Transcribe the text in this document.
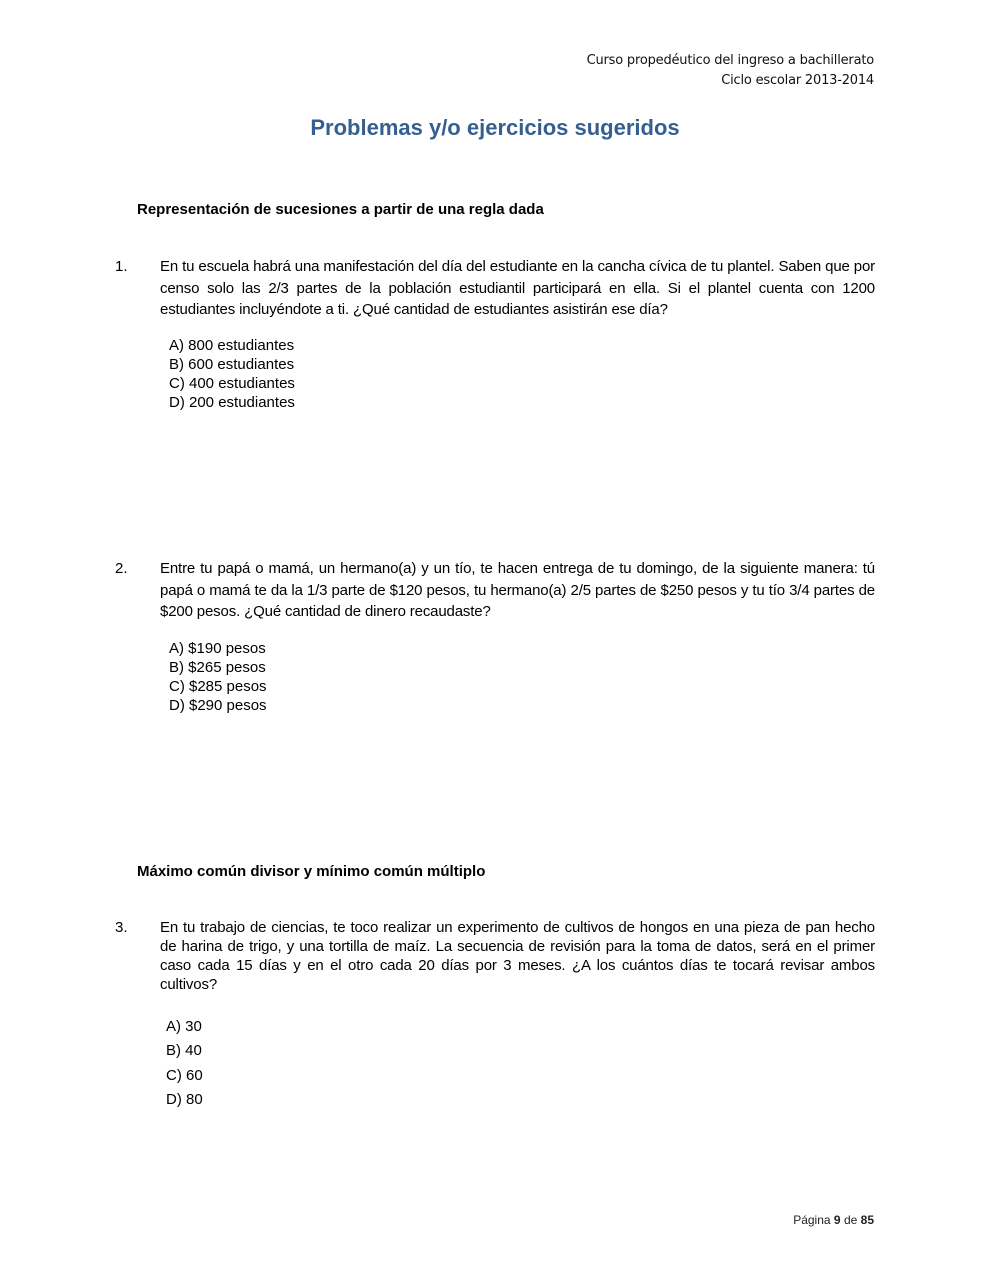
Curso propedéutico del ingreso a bachillerato
Ciclo escolar 2013-2014
Problemas y/o ejercicios sugeridos
Representación de sucesiones a partir de una regla dada
1. En tu escuela habrá una manifestación del día del estudiante en la cancha cívica de tu plantel. Saben que por censo solo las 2/3 partes de la población estudiantil participará en ella. Si el plantel cuenta con 1200 estudiantes incluyéndote a ti. ¿Qué cantidad de estudiantes asistirán ese día?
A) 800 estudiantes
B) 600 estudiantes
C) 400 estudiantes
D) 200 estudiantes
2. Entre tu papá o mamá, un hermano(a) y un tío, te hacen entrega de tu domingo, de la siguiente manera: tú papá o mamá te da la 1/3 parte de $120 pesos, tu hermano(a) 2/5 partes de $250 pesos y tu tío 3/4 partes de $200 pesos. ¿Qué cantidad de dinero recaudaste?
A) $190 pesos
B) $265 pesos
C) $285 pesos
D) $290 pesos
Máximo común divisor y mínimo común múltiplo
3. En tu trabajo de ciencias, te toco realizar un experimento de cultivos de hongos en una pieza de pan hecho de harina de trigo, y una tortilla de maíz. La secuencia de revisión para la toma de datos, será en el primer caso cada 15 días y en el otro cada 20 días por 3 meses. ¿A los cuántos días te tocará revisar ambos cultivos?
A) 30
B) 40
C) 60
D) 80
Página 9 de 85
